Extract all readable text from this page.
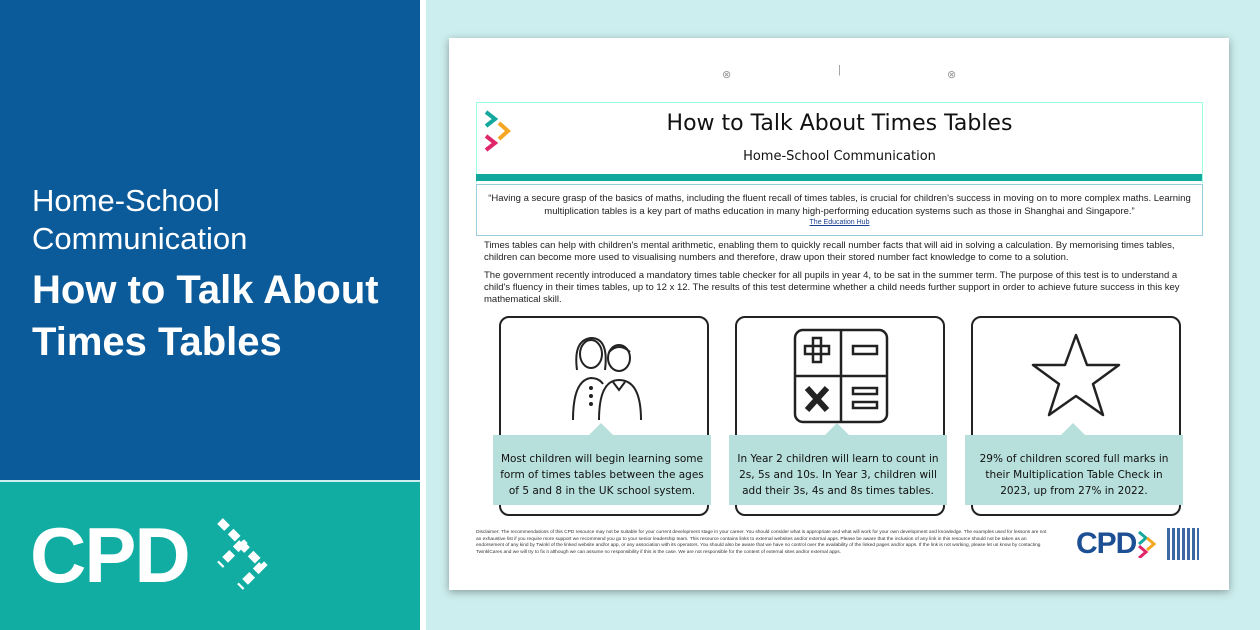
Home-School Communication
How to Talk About Times Tables
CPD
⊗	|	⊗
How to Talk About Times Tables
Home-School Communication
“Having a secure grasp of the basics of maths, including the fluent recall of times tables, is crucial for children's success in moving on to more complex maths. Learning multiplication tables is a key part of maths education in many high-performing education systems such as those in Shanghai and Singapore.”
The Education Hub
Times tables can help with children's mental arithmetic, enabling them to quickly recall number facts that will aid in solving a calculation. By memorising times tables, children can become more used to visualising numbers and therefore, draw upon their stored number fact knowledge to come to a solution.
The government recently introduced a mandatory times table checker for all pupils in year 4, to be sat in the summer term. The purpose of this test is to understand a child's fluency in their times tables, up to 12 x 12. The results of this test determine whether a child needs further support in order to achieve future success in this key mathematical skill.
Most children will begin learning some form of times tables between the ages of 5 and 8 in the UK school system.
In Year 2 children will learn to count in 2s, 5s and 10s. In Year 3, children will add their 3s, 4s and 8s times tables.
29% of children scored full marks in their Multiplication Table Check in 2023, up from 27% in 2022.
Disclaimer: The recommendations of this CPD resource may not be suitable for your current development stage in your career. You should consider what is appropriate and what will work for your own development and knowledge. The examples used for lessons are not an exhaustive list if you require more support we recommend you go to your senior leadership team. This resource contains links to external websites and/or external apps. Please be aware that the inclusion of any link in this resource should not be taken as an endorsement of any kind by Twinkl of the linked website and/or app, or any association with its operators. You should also be aware that we have no control over the availability of the linked pages and/or apps. If the link is not working, please let us know by contacting TwinklCares and we will try to fix it although we can assume no responsibility if this is the case. We are not responsible for the content of external sites and/or external apps.	CPD
